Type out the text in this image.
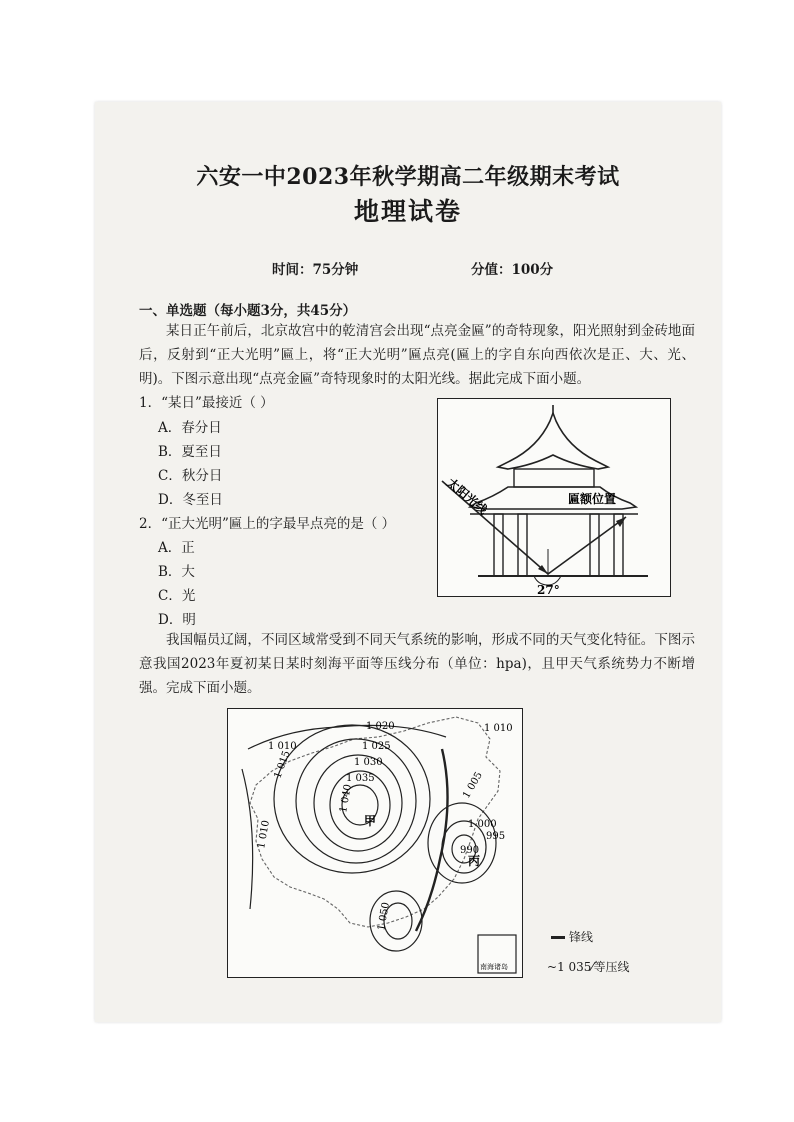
六安一中2023年秋学期高二年级期末考试
地理试卷
时间：75分钟	分值：100分
一、单选题（每小题3分，共45分）
某日正午前后，北京故宫中的乾清宫会出现“点亮金匾”的奇特现象，阳光照射到金砖地面后，反射到“正大光明”匾上，将“正大光明”匾点亮(匾上的字自东向西依次是正、大、光、明)。下图示意出现“点亮金匾”奇特现象时的太阳光线。据此完成下面小题。
1．“某日”最接近（ ）
A．春分日
B．夏至日
C．秋分日
D．冬至日
2．“正大光明”匾上的字最早点亮的是（ ）
A．正
B．大
C．光
D．明
太阳光线	匾额位置
27°
我国幅员辽阔，不同区域常受到不同天气系统的影响，形成不同的天气变化特征。下图示意我国2023年夏初某日某时刻海平面等压线分布（单位：hpa)，且甲天气系统势力不断增强。完成下面小题。
1 010
1 015
1 010
1 020
1 025
1 030
1 035
1 040
1 010
1 005
1 000
995
990
1 050
甲
丙
南海诸岛
锋线
~1 035⁄等压线
